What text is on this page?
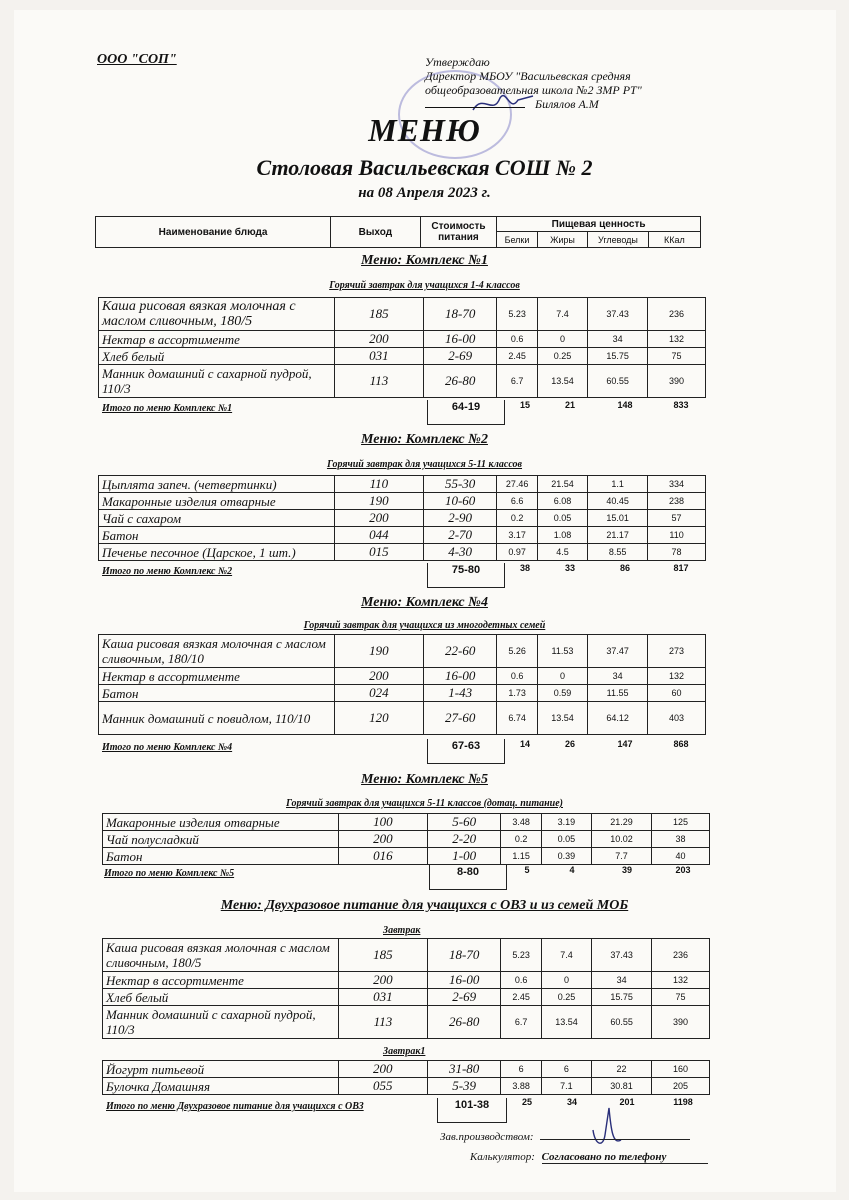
ООО "СОП"	Утверждаю
Директор МБОУ "Васильевская средняя
общеобразовательная школа №2 ЗМР РТ"
Билялов А.М
МЕНЮ
Столовая Васильевская СОШ № 2
на 08 Апреля 2023 г.
Наименование блюда	Выход	Стоимость питания	Пищевая ценность			
			Белки	Жиры	Углеводы	ККал
Меню: Комплекс №1
Горячий завтрак для учащихся 1-4 классов
Каша рисовая вязкая молочная с маслом сливочным, 180/5	185	18-70	5.23	7.4	37.43	236
Нектар в ассортименте	200	16-00	0.6	0	34	132
Хлеб белый	031	2-69	2.45	0.25	15.75	75
Манник домашний с сахарной пудрой, 110/3	113	26-80	6.7	13.54	60.55	390
Итого по меню Комплекс №1	64-19	15	21	148	833
Меню: Комплекс №2
Горячий завтрак для учащихся 5-11 классов
Цыплята запеч. (четвертинки)	110	55-30	27.46	21.54	1.1	334
Макаронные изделия отварные	190	10-60	6.6	6.08	40.45	238
Чай с сахаром	200	2-90	0.2	0.05	15.01	57
Батон	044	2-70	3.17	1.08	21.17	110
Печенье песочное (Царское, 1 шт.)	015	4-30	0.97	4.5	8.55	78
Итого по меню Комплекс №2	75-80	38	33	86	817
Меню: Комплекс №4
Горячий завтрак для учащихся из многодетных семей
Каша рисовая вязкая молочная с маслом сливочным, 180/10	190	22-60	5.26	11.53	37.47	273
Нектар в ассортименте	200	16-00	0.6	0	34	132
Батон	024	1-43	1.73	0.59	11.55	60
Манник домашний с повидлом, 110/10	120	27-60	6.74	13.54	64.12	403
Итого по меню Комплекс №4	67-63	14	26	147	868
Меню: Комплекс №5
Горячий завтрак для учащихся 5-11 классов (дотац. питание)
Макаронные изделия отварные	100	5-60	3.48	3.19	21.29	125
Чай полусладкий	200	2-20	0.2	0.05	10.02	38
Батон	016	1-00	1.15	0.39	7.7	40
Итого по меню Комплекс №5	8-80	5	4	39	203
Меню: Двухразовое питание для учащихся с ОВЗ и из семей МОБ
Завтрак
Каша рисовая вязкая молочная с маслом сливочным, 180/5	185	18-70	5.23	7.4	37.43	236
Нектар в ассортименте	200	16-00	0.6	0	34	132
Хлеб белый	031	2-69	2.45	0.25	15.75	75
Манник домашний с сахарной пудрой, 110/3	113	26-80	6.7	13.54	60.55	390
Завтрак1
Йогурт питьевой	200	31-80	6	6	22	160
Булочка Домашняя	055	5-39	3.88	7.1	30.81	205
Итого по меню Двухразовое питание для учащихся с ОВЗ	101-38	25	34	201	1198
Зав.производством:
Калькулятор: Согласовано по телефону
